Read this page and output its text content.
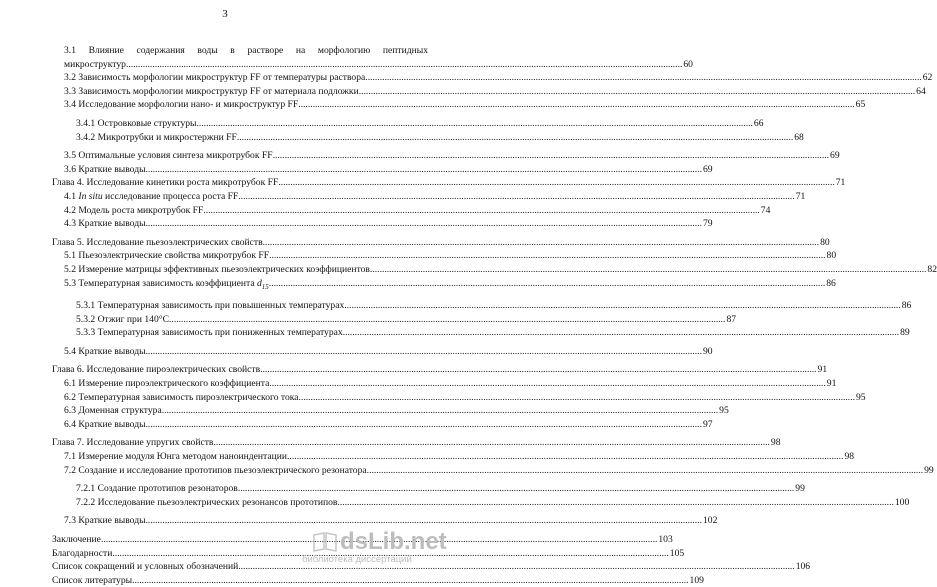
3
3.1 Влияние содержания воды в растворе на морфологию пептидных
микроструктур .....	60
3.2 Зависимость морфологии микроструктур FF от температуры раствора .....	62
3.3 Зависимость морфологии микроструктур FF от материала подложки .....	64
3.4 Исследование морфологии нано- и микроструктур FF .....	65
3.4.1 Островковые структуры .....	66
3.4.2 Микротрубки и микростержни FF .....	68
3.5 Оптимальные условия синтеза микротрубок FF .....	69
3.6 Краткие выводы .....	69
Глава 4. Исследование кинетики роста микротрубок FF .....	71
4.1 In situ исследование процесса роста FF .....	71
4.2 Модель роста микротрубок FF .....	74
4.3 Краткие выводы .....	79
Глава 5. Исследование пьезоэлектрических свойств .....	80
5.1 Пьезоэлектрические свойства микротрубок FF .....	80
5.2 Измерение матрицы эффективных пьезоэлектрических коэффициентов .....	82
5.3 Температурная зависимость коэффициента $d_{15}$ .....	86
5.3.1 Температурная зависимость при повышенных температурах .....	86
5.3.2 Отжиг при 140°C .....	87
5.3.3 Температурная зависимость при пониженных температурах .....	89
5.4 Краткие выводы .....	90
Глава 6. Исследование пироэлектрических свойств .....	91
6.1 Измерение пироэлектрического коэффициента .....	91
6.2 Температурная зависимость пироэлектрического тока .....	95
6.3 Доменная структура .....	95
6.4 Краткие выводы .....	97
Глава 7. Исследование упругих свойств .....	98
7.1 Измерение модуля Юнга методом наноиндентации .....	98
7.2 Создание и исследование прототипов пьезоэлектрического резонатора .....	99
7.2.1 Создание прототипов резонаторов .....	99
7.2.2 Исследование пьезоэлектрических резонансов прототипов .....	100
7.3 Краткие выводы .....	102
Заключение .....	103
Благодарности .....	105
Список сокращений и условных обозначений .....	106
Список литературы .....	109
dsLib.net
библиотека диссертаций
